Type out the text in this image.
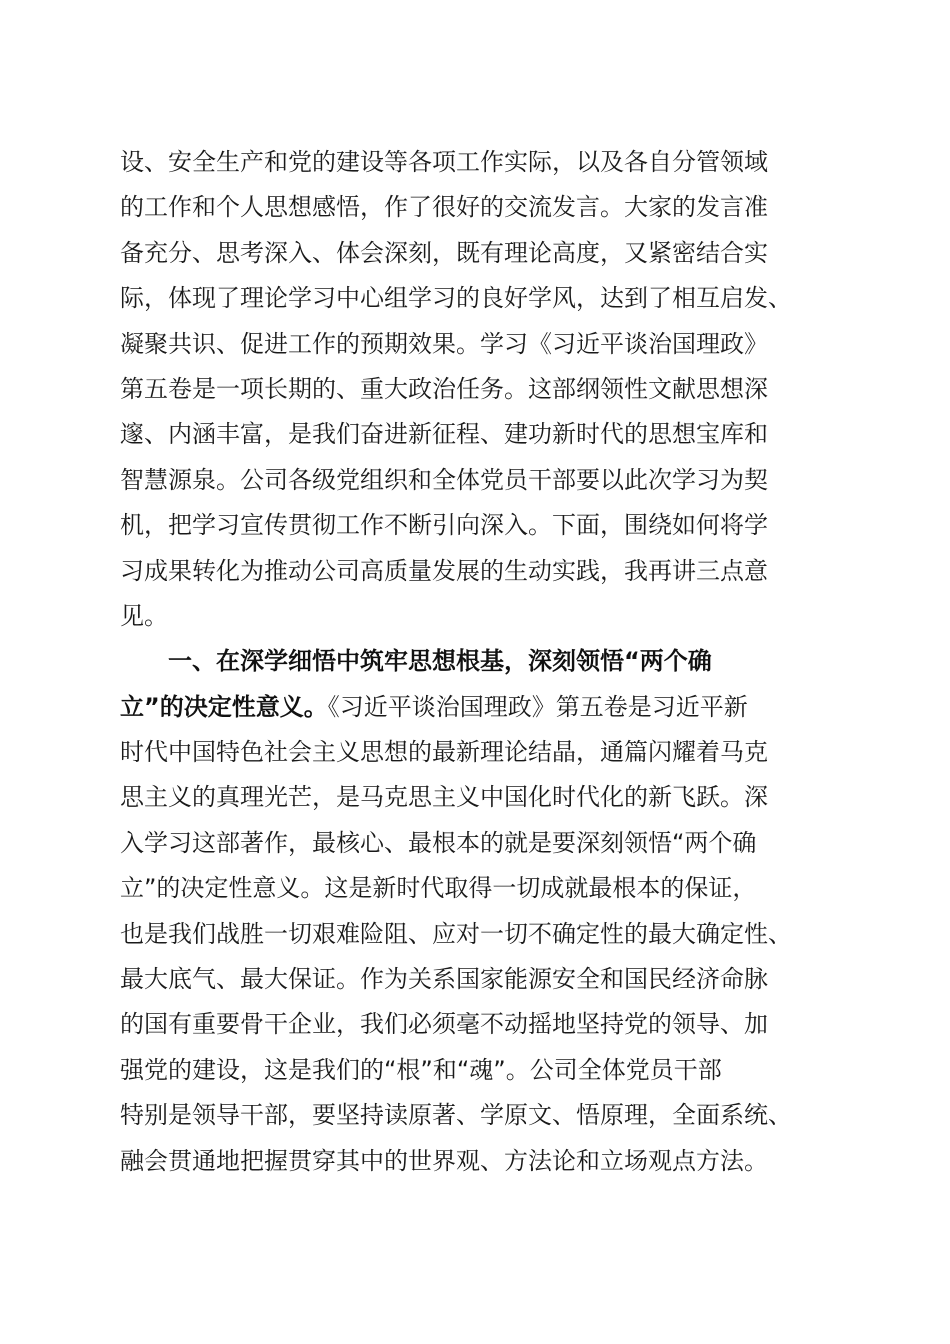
设、安全生产和党的建设等各项工作实际，以及各自分管领域
的工作和个人思想感悟，作了很好的交流发言。大家的发言准
备充分、思考深入、体会深刻，既有理论高度，又紧密结合实
际，体现了理论学习中心组学习的良好学风，达到了相互启发、
凝聚共识、促进工作的预期效果。学习《习近平谈治国理政》
第五卷是一项长期的、重大政治任务。这部纲领性文献思想深
邃、内涵丰富，是我们奋进新征程、建功新时代的思想宝库和
智慧源泉。公司各级党组织和全体党员干部要以此次学习为契
机，把学习宣传贯彻工作不断引向深入。下面，围绕如何将学
习成果转化为推动公司高质量发展的生动实践，我再讲三点意
见。
一、在深学细悟中筑牢思想根基，深刻领悟“两个确
立”的决定性意义。《习近平谈治国理政》第五卷是习近平新
时代中国特色社会主义思想的最新理论结晶，通篇闪耀着马克
思主义的真理光芒，是马克思主义中国化时代化的新飞跃。深
入学习这部著作，最核心、最根本的就是要深刻领悟“两个确
立”的决定性意义。这是新时代取得一切成就最根本的保证，
也是我们战胜一切艰难险阻、应对一切不确定性的最大确定性、
最大底气、最大保证。作为关系国家能源安全和国民经济命脉
的国有重要骨干企业，我们必须毫不动摇地坚持党的领导、加
强党的建设，这是我们的“根”和“魂”。公司全体党员干部
特别是领导干部，要坚持读原著、学原文、悟原理，全面系统、
融会贯通地把握贯穿其中的世界观、方法论和立场观点方法。
